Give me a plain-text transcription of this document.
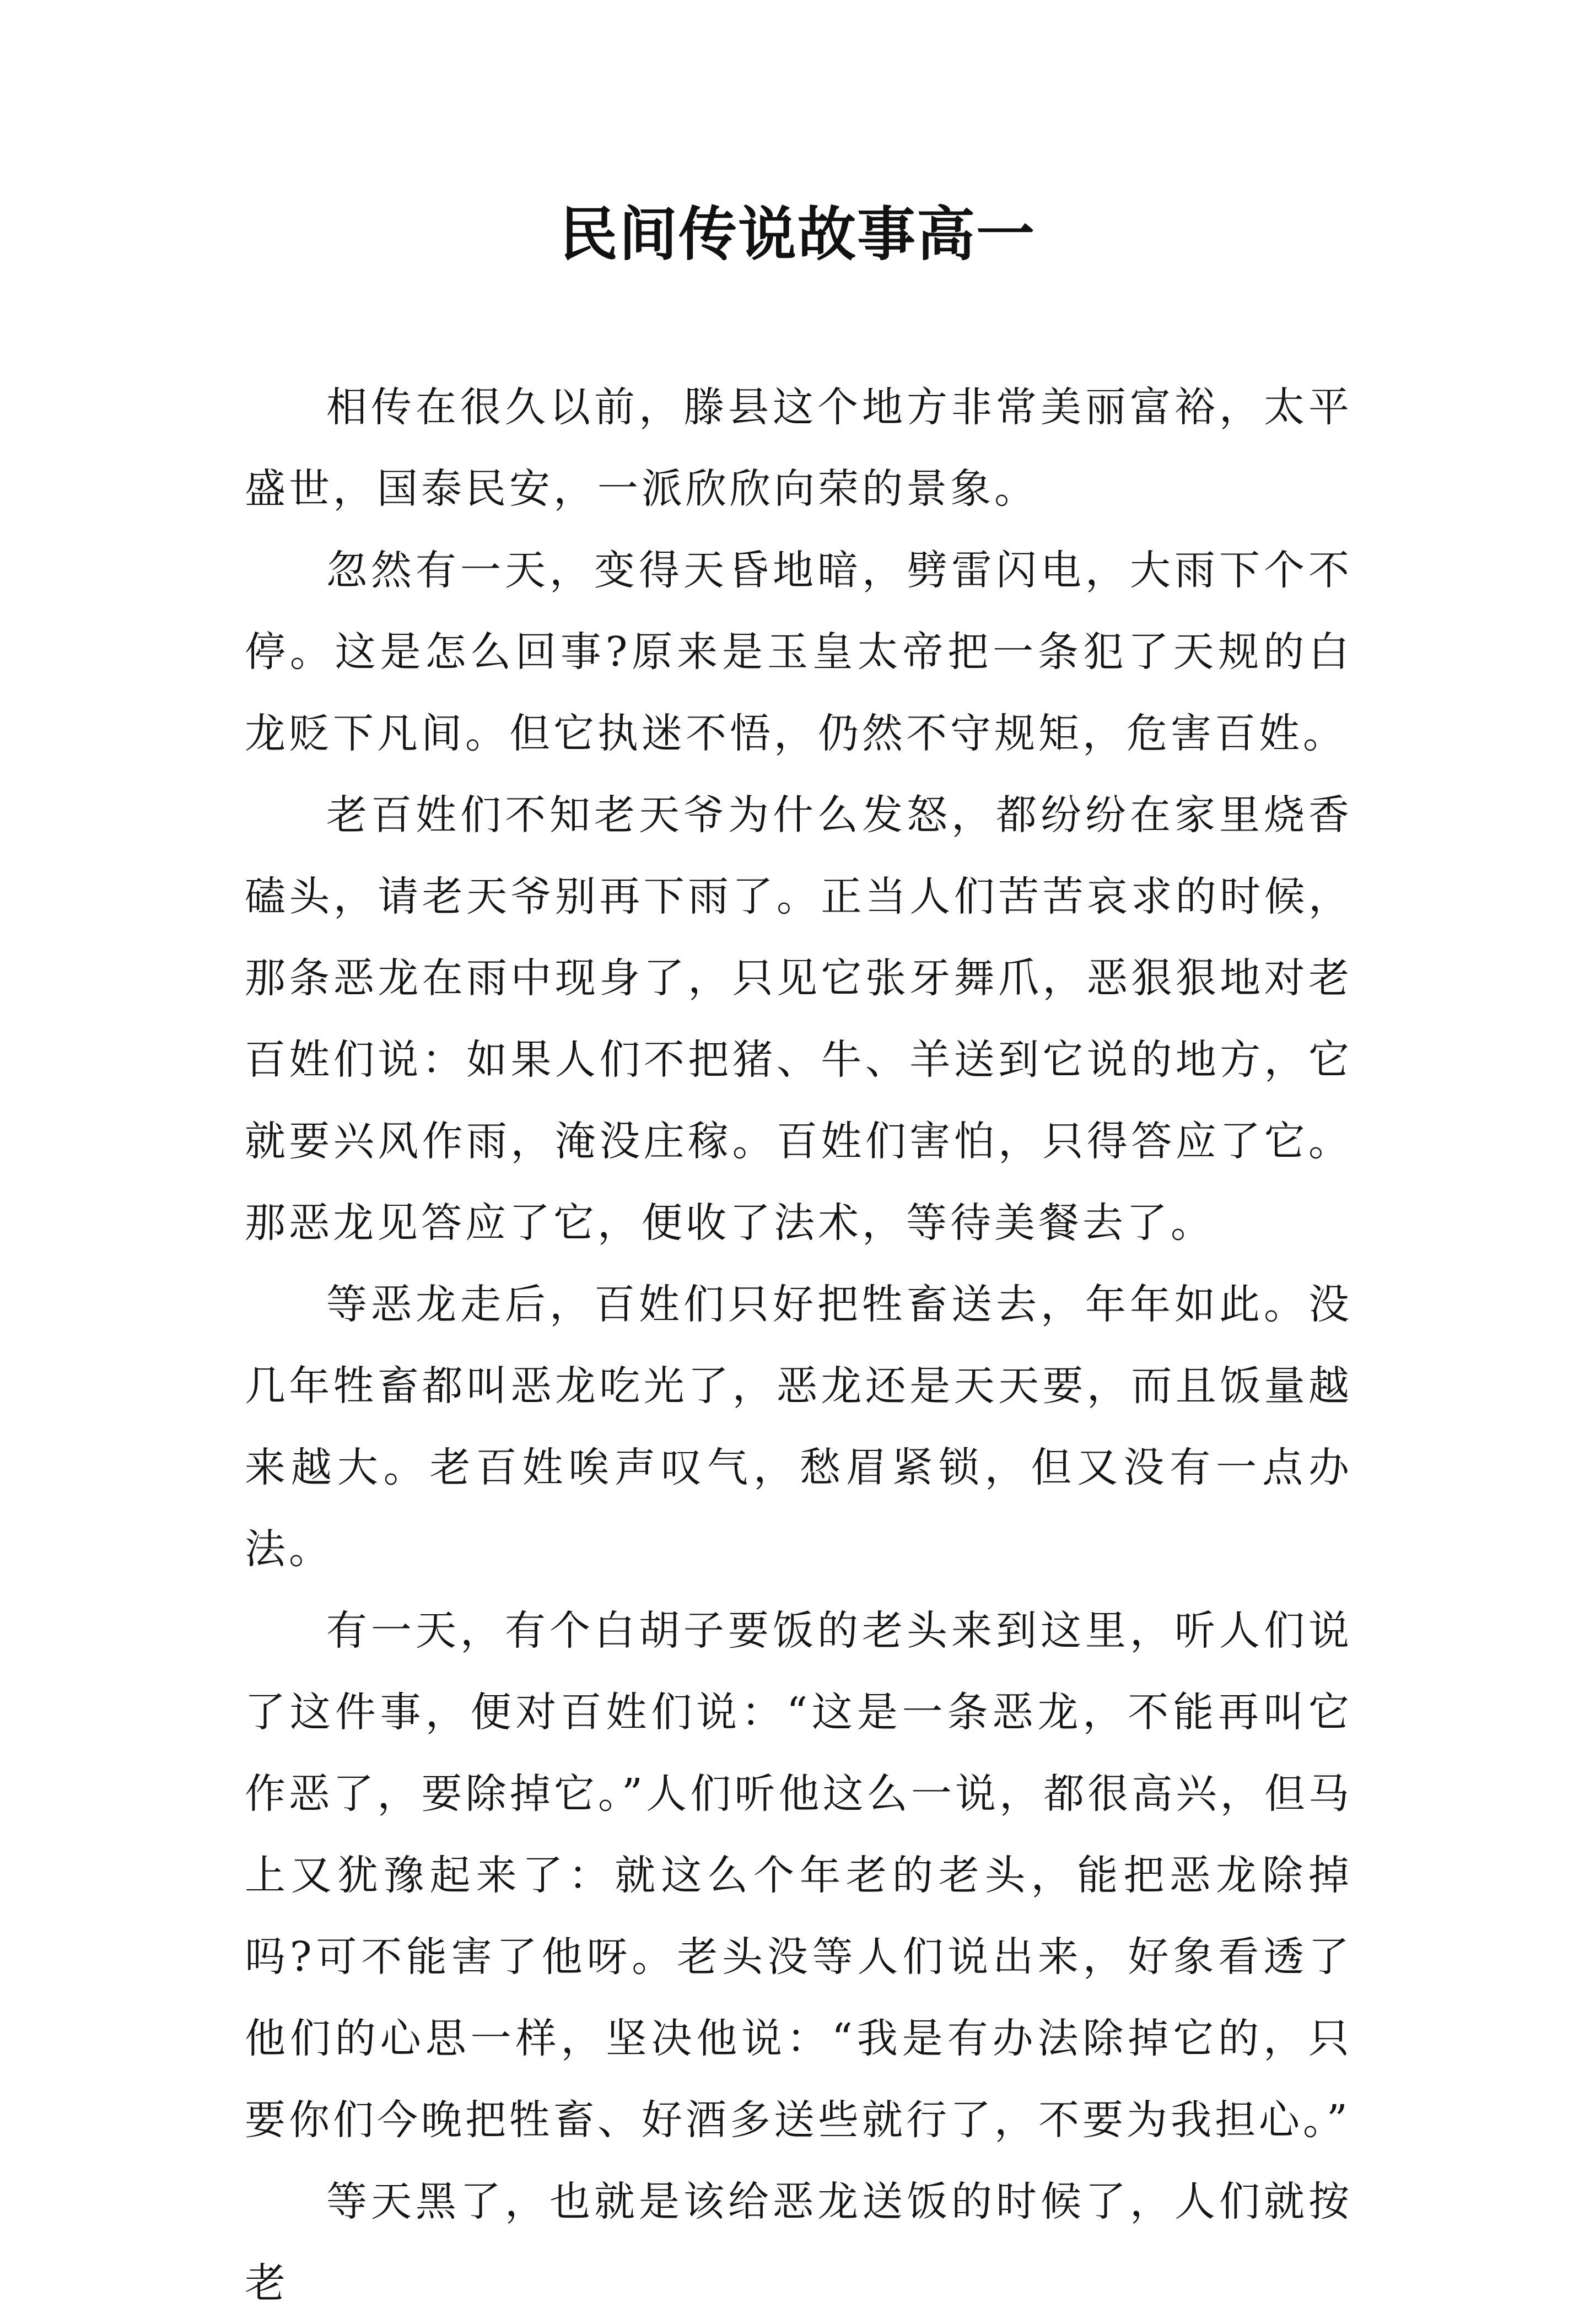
民间传说故事高一

相传在很久以前，滕县这个地方非常美丽富裕，太平盛世，国泰民安，一派欣欣向荣的景象。

忽然有一天，变得天昏地暗，劈雷闪电，大雨下个不停。这是怎么回事?原来是玉皇太帝把一条犯了天规的白龙贬下凡间。但它执迷不悟，仍然不守规矩，危害百姓。

老百姓们不知老天爷为什么发怒，都纷纷在家里烧香磕头，请老天爷别再下雨了。正当人们苦苦哀求的时候，那条恶龙在雨中现身了，只见它张牙舞爪，恶狠狠地对老百姓们说：如果人们不把猪、牛、羊送到它说的地方，它就要兴风作雨，淹没庄稼。百姓们害怕，只得答应了它。那恶龙见答应了它，便收了法术，等待美餐去了。

等恶龙走后，百姓们只好把牲畜送去，年年如此。没几年牲畜都叫恶龙吃光了，恶龙还是天天要，而且饭量越来越大。老百姓唉声叹气，愁眉紧锁，但又没有一点办法。

有一天，有个白胡子要饭的老头来到这里，听人们说了这件事，便对百姓们说：“这是一条恶龙，不能再叫它作恶了，要除掉它。”人们听他这么一说，都很高兴，但马上又犹豫起来了：就这么个年老的老头，能把恶龙除掉吗?可不能害了他呀。老头没等人们说出来，好象看透了他们的心思一样，坚决他说：“我是有办法除掉它的，只要你们今晚把牲畜、好酒多送些就行了，不要为我担心。”

等天黑了，也就是该给恶龙送饭的时候了，人们就按老
